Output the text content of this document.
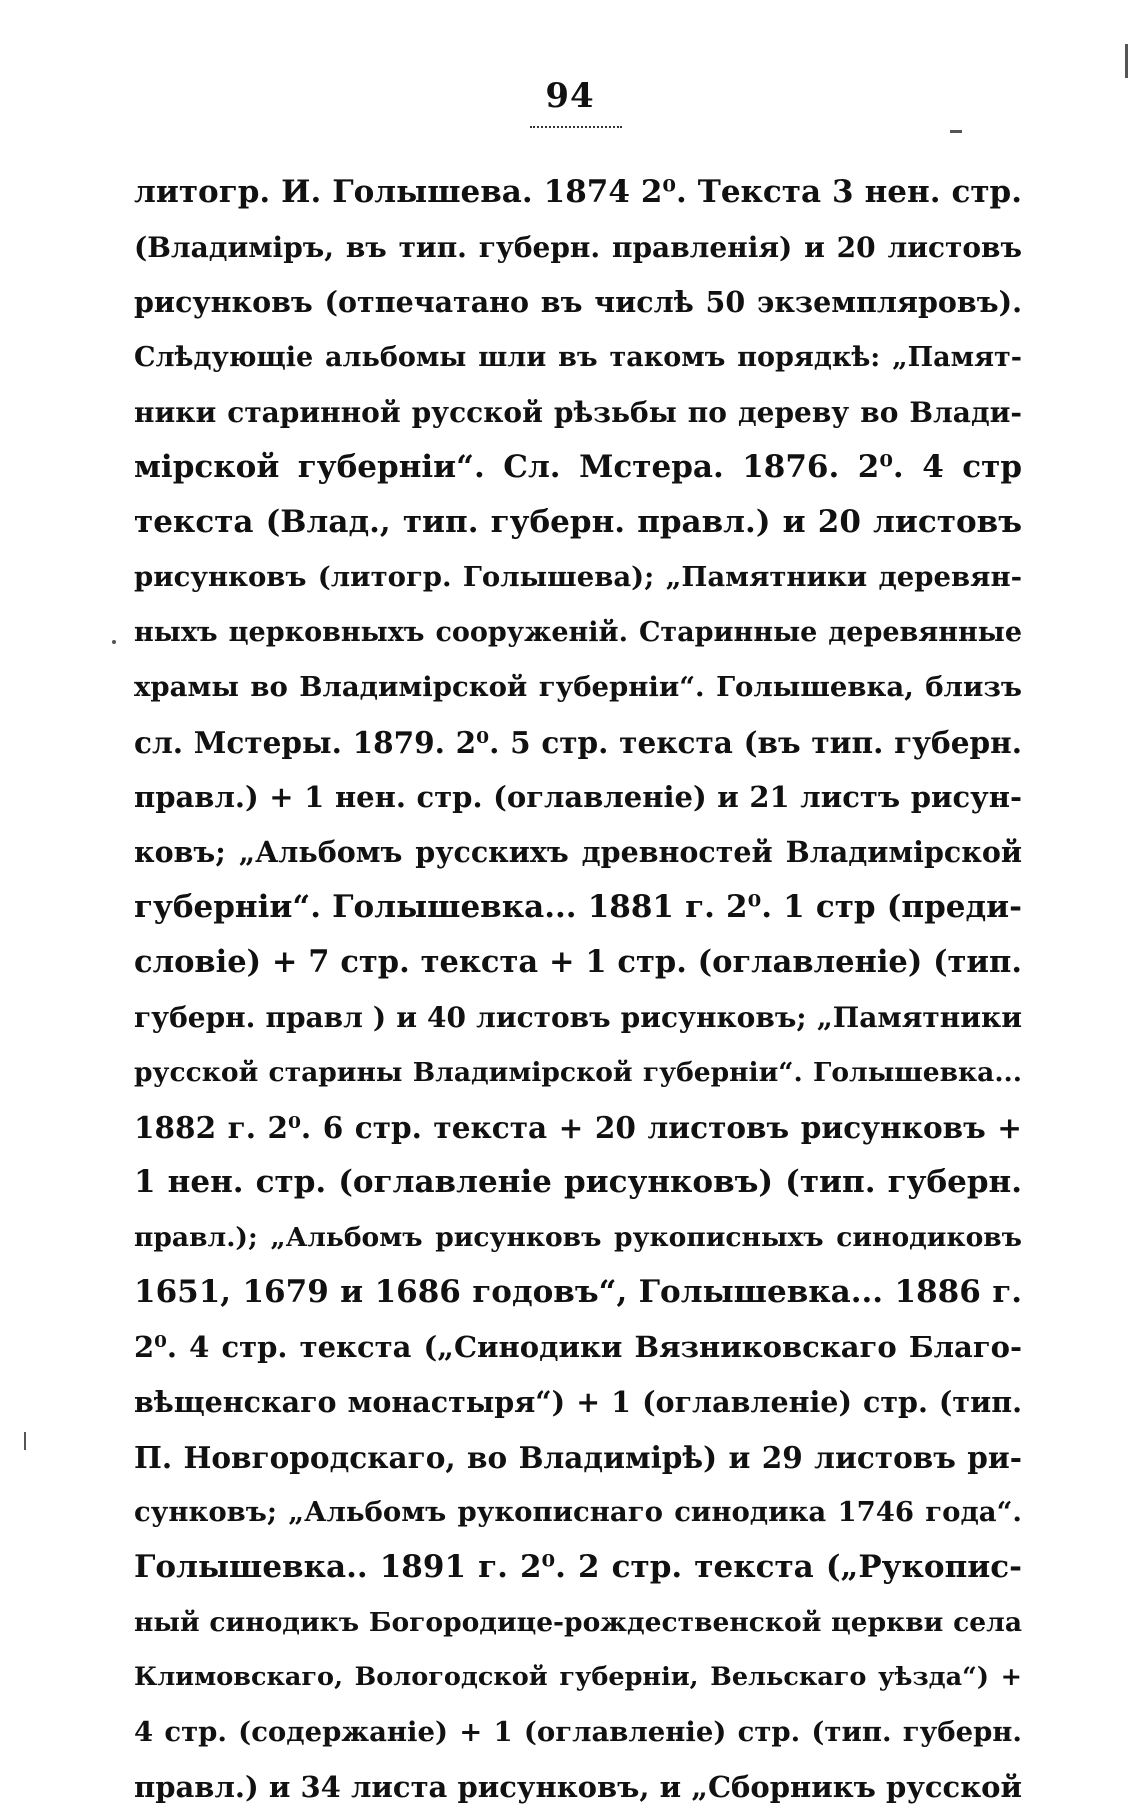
94
литогр. И. Голышева. 1874 2⁰. Текста 3 нен. стр.
(Владимiръ, въ тип. губерн. правленiя) и 20 листовъ
рисунковъ (отпечатано въ числѣ 50 экземпляровъ).
Слѣдующiе альбомы шли въ такомъ порядкѣ: „Памят-
ники старинной русской рѣзьбы по дереву во Влади-
мiрской губернiи“. Сл. Мстера. 1876. 2⁰. 4 стр
текста (Влад., тип. губерн. правл.) и 20 листовъ
рисунковъ (литогр. Голышева); „Памятники деревян-
ныхъ церковныхъ сооруженiй. Старинные деревянные
храмы во Владимiрской губернiи“. Голышевка, близъ
сл. Мстеры. 1879. 2⁰. 5 стр. текста (въ тип. губерн.
правл.) + 1 нен. стр. (оглавленiе) и 21 листъ рисун-
ковъ; „Альбомъ русскихъ древностей Владимiрской
губернiи“. Голышевка... 1881 г. 2⁰. 1 стр (преди-
словiе) + 7 стр. текста + 1 стр. (оглавленiе) (тип.
губерн. правл ) и 40 листовъ рисунковъ; „Памятники
русской старины Владимiрской губернiи“. Голышевка...
1882 г. 2⁰. 6 стр. текста + 20 листовъ рисунковъ +
1 нен. стр. (оглавленiе рисунковъ) (тип. губерн.
правл.); „Альбомъ рисунковъ рукописныхъ синодиковъ
1651, 1679 и 1686 годовъ“, Голышевка... 1886 г.
2⁰. 4 стр. текста („Синодики Вязниковскаго Благо-
вѣщенскаго монастыря“) + 1 (оглавленiе) стр. (тип.
П. Новгородскаго, во Владимiрѣ) и 29 листовъ ри-
сунковъ; „Альбомъ рукописнаго синодика 1746 года“.
Голышевка.. 1891 г. 2⁰. 2 стр. текста („Рукопис-
ный синодикъ Богородице-рождественской церкви села
Климовскаго, Вологодской губернiи, Вельскаго уѣзда“) +
4 стр. (содержанiе) + 1 (оглавленiе) стр. (тип. губерн.
правл.) и 34 листа рисунковъ, и „Сборникъ русской
